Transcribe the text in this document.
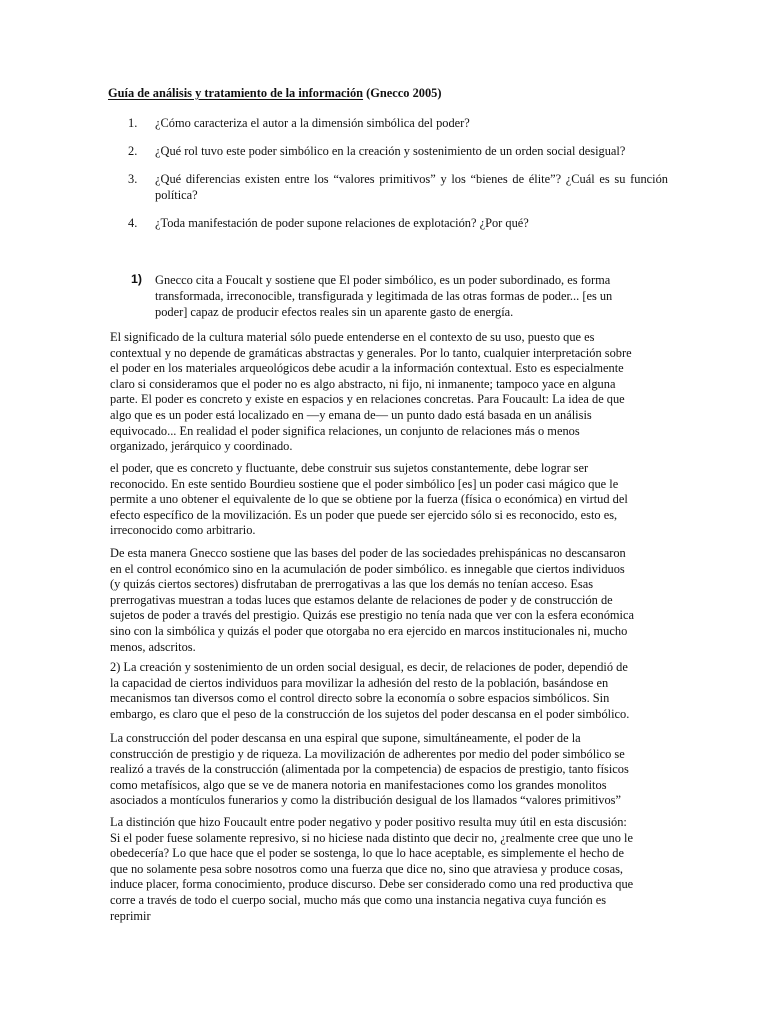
Guía de análisis y tratamiento de la información (Gnecco 2005)
1.	¿Cómo caracteriza el autor a la dimensión simbólica del poder?
2.	¿Qué rol tuvo este poder simbólico en la creación y sostenimiento de un orden social desigual?
3.	¿Qué diferencias existen entre los “valores primitivos” y los “bienes de élite”? ¿Cuál es su función política?
4.	¿Toda manifestación de poder supone relaciones de explotación? ¿Por qué?
1) Gnecco cita a Foucalt y sostiene que El poder simbólico, es un poder subordinado, es forma
transformada, irreconocible, transfigurada y legitimada de las otras formas de poder... [es un
poder] capaz de producir efectos reales sin un aparente gasto de energía.
El significado de la cultura material sólo puede entenderse en el contexto de su uso, puesto que es
contextual y no depende de gramáticas abstractas y generales. Por lo tanto, cualquier interpretación sobre
el poder en los materiales arqueológicos debe acudir a la información contextual. Esto es especialmente
claro si consideramos que el poder no es algo abstracto, ni fijo, ni inmanente; tampoco yace en alguna
parte. El poder es concreto y existe en espacios y en relaciones concretas. Para Foucault: La idea de que
algo que es un poder está localizado en —y emana de— un punto dado está basada en un análisis
equivocado... En realidad el poder significa relaciones, un conjunto de relaciones más o menos
organizado, jerárquico y coordinado.
el poder, que es concreto y fluctuante, debe construir sus sujetos constantemente, debe lograr ser
reconocido. En este sentido Bourdieu sostiene que el poder simbólico [es] un poder casi mágico que le
permite a uno obtener el equivalente de lo que se obtiene por la fuerza (física o económica) en virtud del
efecto específico de la movilización. Es un poder que puede ser ejercido sólo si es reconocido, esto es,
irreconocido como arbitrario.
De esta manera Gnecco sostiene que las bases del poder de las sociedades prehispánicas no descansaron
en el control económico sino en la acumulación de poder simbólico. es innegable que ciertos individuos
(y quizás ciertos sectores) disfrutaban de prerrogativas a las que los demás no tenían acceso. Esas
prerrogativas muestran a todas luces que estamos delante de relaciones de poder y de construcción de
sujetos de poder a través del prestigio. Quizás ese prestigio no tenía nada que ver con la esfera económica
sino con la simbólica y quizás el poder que otorgaba no era ejercido en marcos institucionales ni, mucho
menos, adscritos.
2) La creación y sostenimiento de un orden social desigual, es decir, de relaciones de poder, dependió de
la capacidad de ciertos individuos para movilizar la adhesión del resto de la población, basándose en
mecanismos tan diversos como el control directo sobre la economía o sobre espacios simbólicos. Sin
embargo, es claro que el peso de la construcción de los sujetos del poder descansa en el poder simbólico.
La construcción del poder descansa en una espiral que supone, simultáneamente, el poder de la
construcción de prestigio y de riqueza. La movilización de adherentes por medio del poder simbólico se
realizó a través de la construcción (alimentada por la competencia) de espacios de prestigio, tanto físicos
como metafísicos, algo que se ve de manera notoria en manifestaciones como los grandes monolitos
asociados a montículos funerarios y como la distribución desigual de los llamados “valores primitivos”
La distinción que hizo Foucault entre poder negativo y poder positivo resulta muy útil en esta discusión:
Si el poder fuese solamente represivo, si no hiciese nada distinto que decir no, ¿realmente cree que uno le
obedecería? Lo que hace que el poder se sostenga, lo que lo hace aceptable, es simplemente el hecho de
que no solamente pesa sobre nosotros como una fuerza que dice no, sino que atraviesa y produce cosas,
induce placer, forma conocimiento, produce discurso. Debe ser considerado como una red productiva que
corre a través de todo el cuerpo social, mucho más que como una instancia negativa cuya función es
reprimir
